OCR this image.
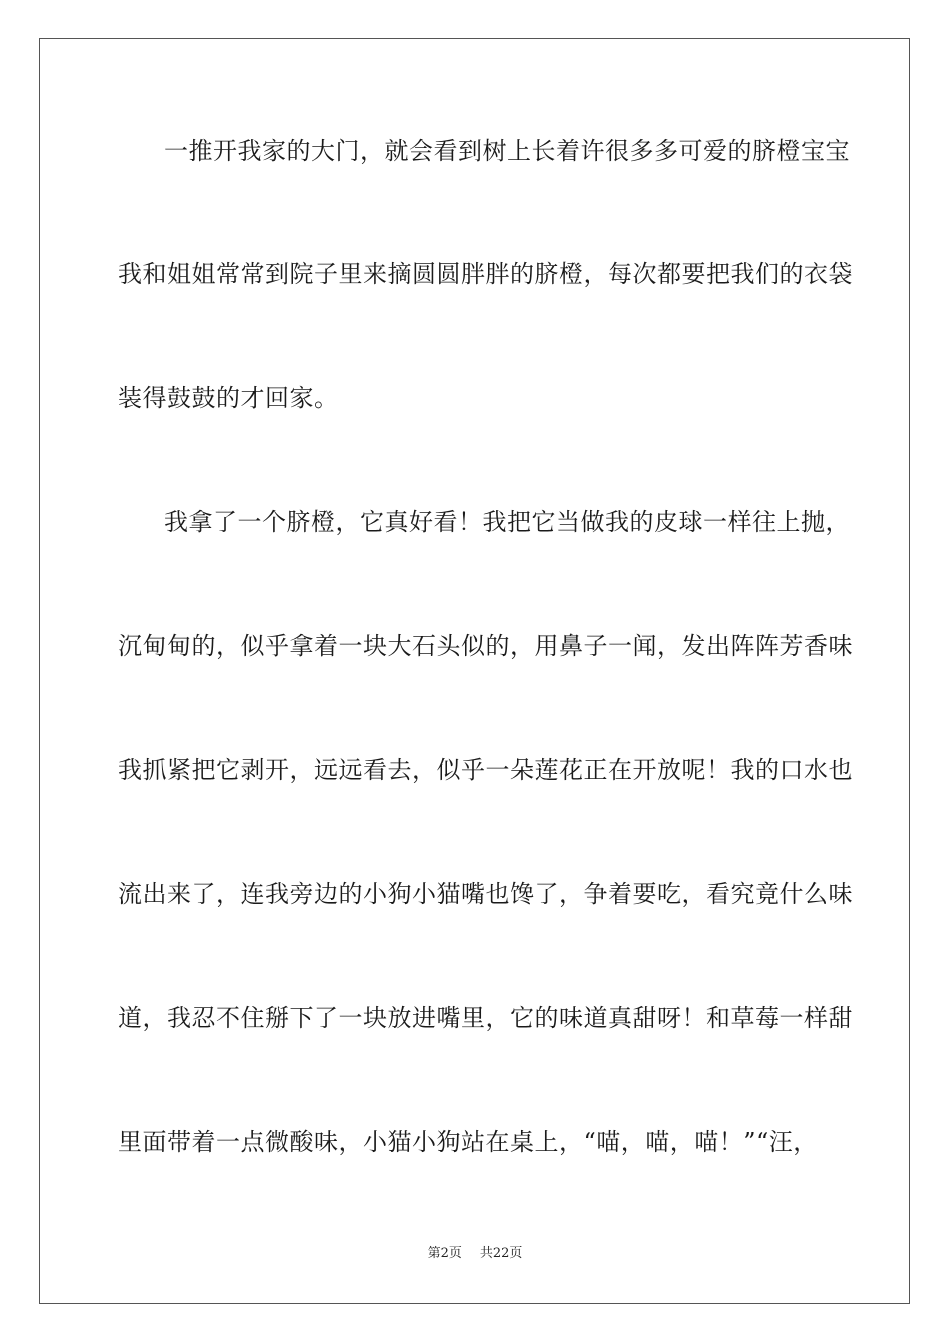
一推开我家的大门，就会看到树上长着许很多多可爱的脐橙宝宝
我和姐姐常常到院子里来摘圆圆胖胖的脐橙，每次都要把我们的衣袋
装得鼓鼓的才回家。
我拿了一个脐橙，它真好看！我把它当做我的皮球一样往上抛，
沉甸甸的，似乎拿着一块大石头似的，用鼻子一闻，发出阵阵芳香味
我抓紧把它剥开，远远看去，似乎一朵莲花正在开放呢！我的口水也
流出来了，连我旁边的小狗小猫嘴也馋了，争着要吃，看究竟什么味
道，我忍不住掰下了一块放进嘴里，它的味道真甜呀！和草莓一样甜
里面带着一点微酸味，小猫小狗站在桌上，“喵，喵，喵！”“汪，
第2页 共22页
